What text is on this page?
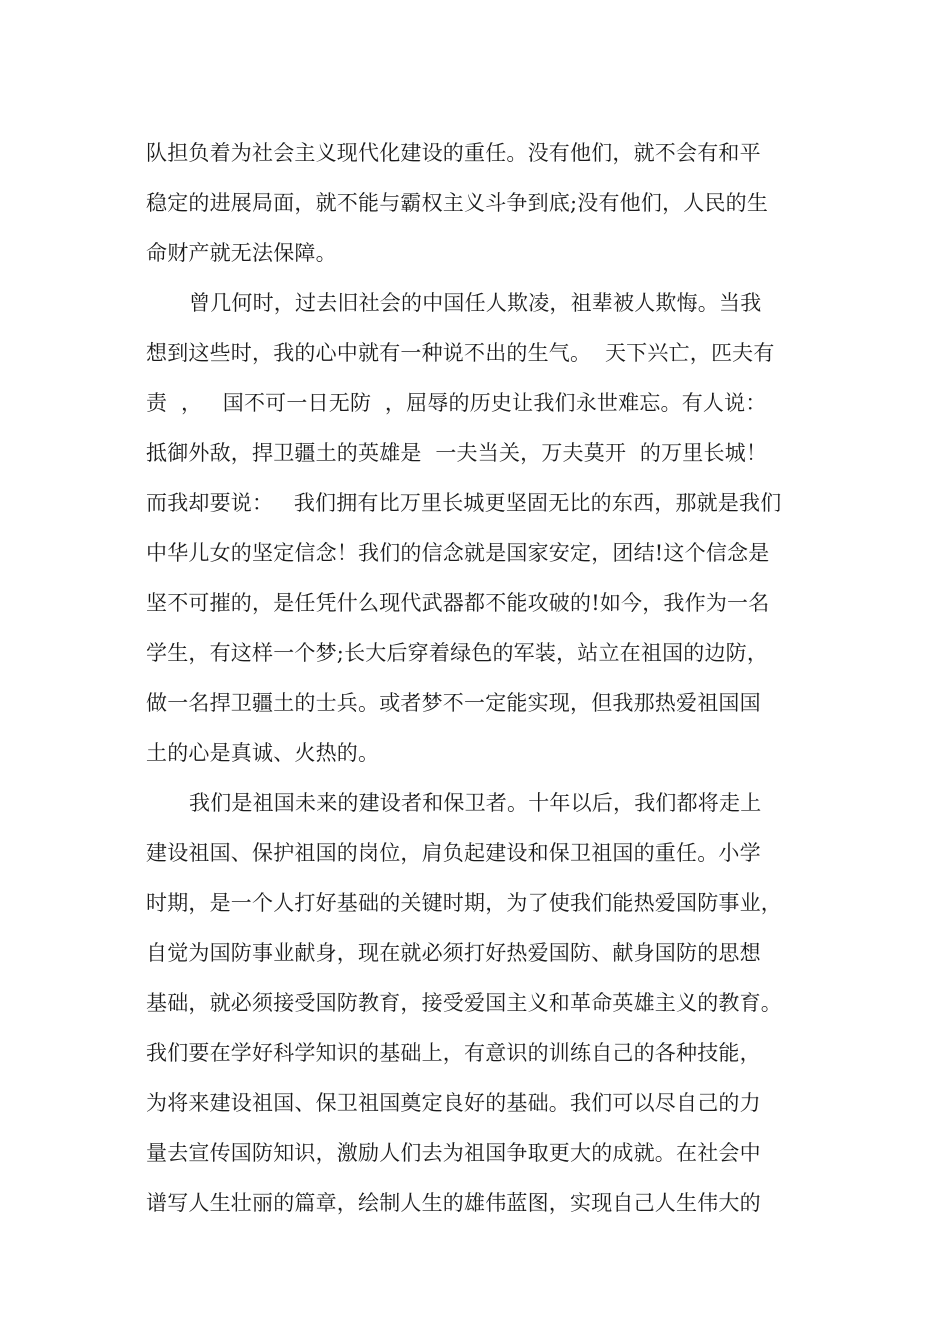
队担负着为社会主义现代化建设的重任。没有他们，就不会有和平
稳定的进展局面，就不能与霸权主义斗争到底;没有他们，人民的生
命财产就无法保障。
曾几何时，过去旧社会的中国任人欺凌，祖辈被人欺悔。当我
想到这些时，我的心中就有一种说不出的生气。  天下兴亡，匹夫有
责  ，   国不可一日无防  ，屈辱的历史让我们永世难忘。有人说：
抵御外敌，捍卫疆土的英雄是  一夫当关，万夫莫开  的万里长城！
而我却要说：   我们拥有比万里长城更坚固无比的东西，那就是我们
中华儿女的坚定信念！我们的信念就是国家安定，团结!这个信念是
坚不可摧的，是任凭什么现代武器都不能攻破的!如今，我作为一名
学生，有这样一个梦;长大后穿着绿色的军装，站立在祖国的边防，
做一名捍卫疆土的士兵。或者梦不一定能实现，但我那热爱祖国国
土的心是真诚、火热的。
我们是祖国未来的建设者和保卫者。十年以后，我们都将走上
建设祖国、保护祖国的岗位，肩负起建设和保卫祖国的重任。小学
时期，是一个人打好基础的关键时期，为了使我们能热爱国防事业，
自觉为国防事业献身，现在就必须打好热爱国防、献身国防的思想
基础，就必须接受国防教育，接受爱国主义和革命英雄主义的教育。
我们要在学好科学知识的基础上，有意识的训练自己的各种技能，
为将来建设祖国、保卫祖国奠定良好的基础。我们可以尽自己的力
量去宣传国防知识，激励人们去为祖国争取更大的成就。在社会中
谱写人生壮丽的篇章，绘制人生的雄伟蓝图，实现自己人生伟大的
